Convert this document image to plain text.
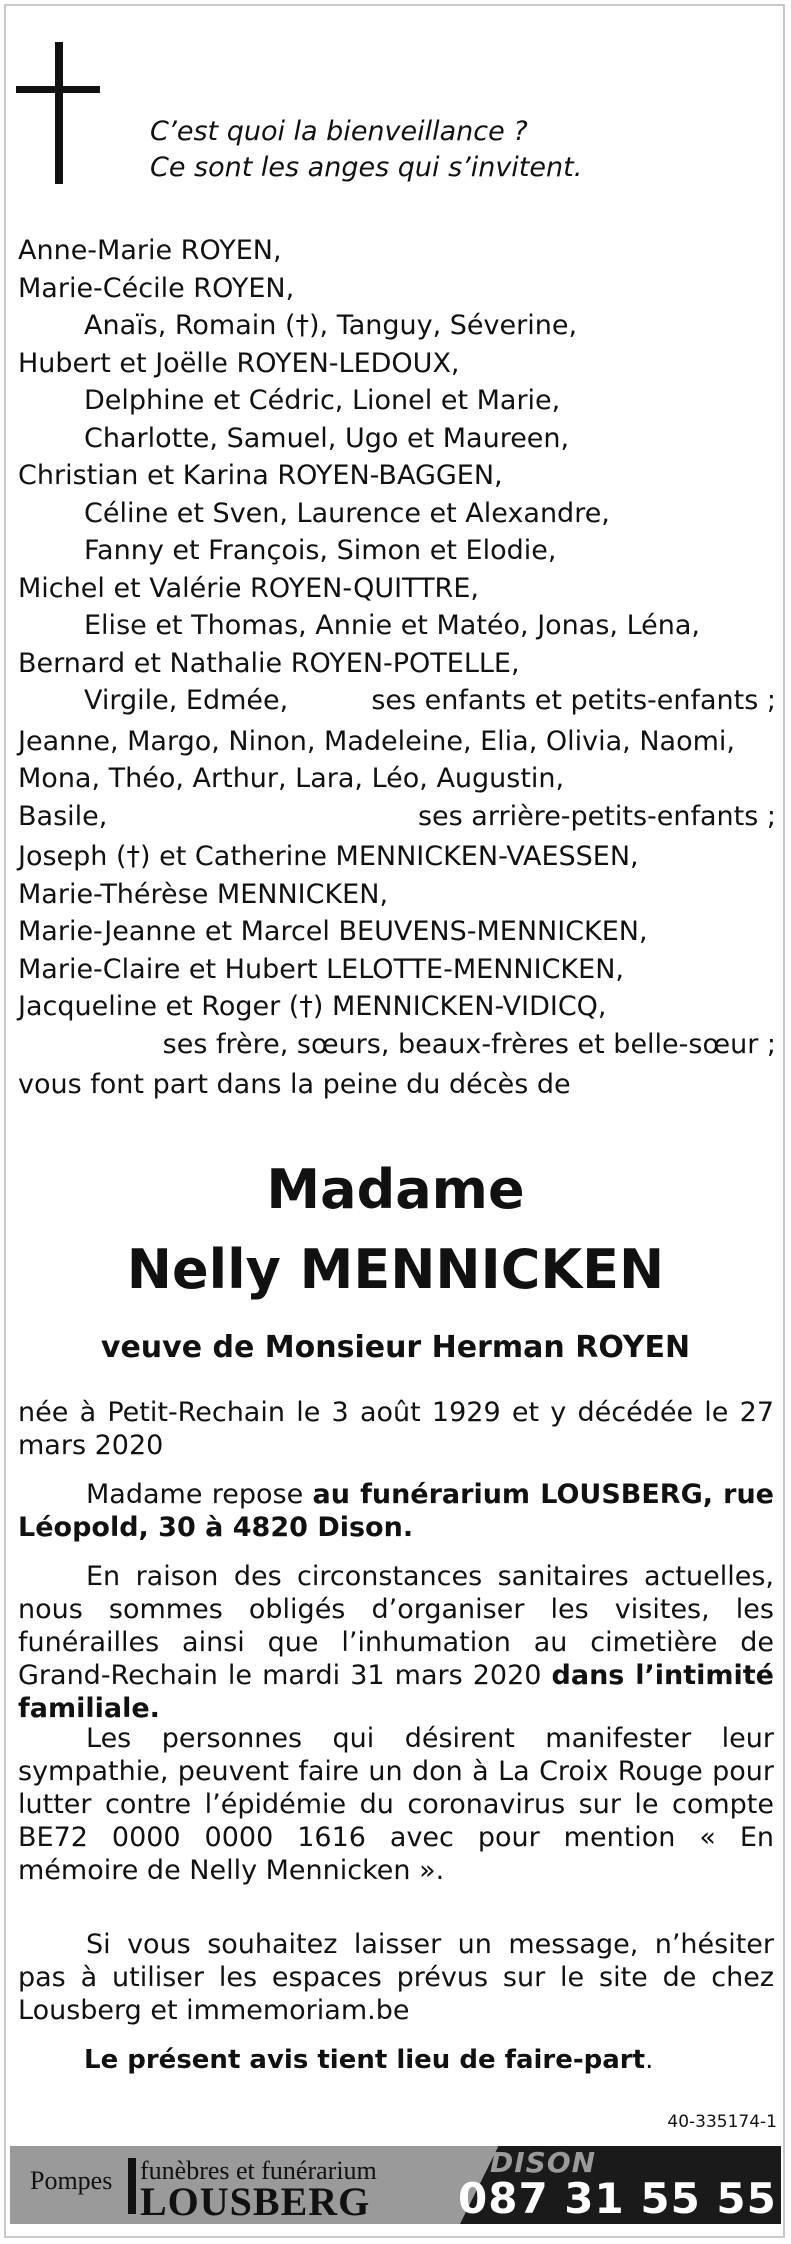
C’est quoi la bienveillance ?
Ce sont les anges qui s’invitent.
Anne-Marie ROYEN,
Marie-Cécile ROYEN,
Anaïs, Romain (†), Tanguy, Séverine,
Hubert et Joëlle ROYEN-LEDOUX,
Delphine et Cédric, Lionel et Marie,
Charlotte, Samuel, Ugo et Maureen,
Christian et Karina ROYEN-BAGGEN,
Céline et Sven, Laurence et Alexandre,
Fanny et François, Simon et Elodie,
Michel et Valérie ROYEN-QUITTRE,
Elise et Thomas, Annie et Matéo, Jonas, Léna,
Bernard et Nathalie ROYEN-POTELLE,
Virgile, Edmée,	ses enfants et petits-enfants ;
Jeanne, Margo, Ninon, Madeleine, Elia, Olivia, Naomi,
Mona, Théo, Arthur, Lara, Léo, Augustin,
Basile,	ses arrière-petits-enfants ;
Joseph (†) et Catherine MENNICKEN-VAESSEN,
Marie-Thérèse MENNICKEN,
Marie-Jeanne et Marcel BEUVENS-MENNICKEN,
Marie-Claire et Hubert LELOTTE-MENNICKEN,
Jacqueline et Roger (†) MENNICKEN-VIDICQ,
ses frère, sœurs, beaux-frères et belle-sœur ;
vous font part dans la peine du décès de
Madame
Nelly MENNICKEN
veuve de Monsieur Herman ROYEN
née à Petit-Rechain le 3 août 1929 et y décédée le 27 mars 2020
Madame repose au funérarium LOUSBERG, rue Léopold, 30 à 4820 Dison.
En raison des circonstances sanitaires actuelles, nous sommes obligés d’organiser les visites, les funérailles ainsi que l’inhumation au cimetière de Grand-Rechain le mardi 31 mars 2020 dans l’intimité familiale.
Les personnes qui désirent manifester leur sympathie, peuvent faire un don à La Croix Rouge pour lutter contre l’épidémie du coronavirus sur le compte BE72 0000 0000 1616 avec pour mention « En mémoire de Nelly Mennicken ».
Si vous souhaitez laisser un message, n’hésiter pas à utiliser les espaces prévus sur le site de chez Lousberg et immemoriam.be
Le présent avis tient lieu de faire-part.
40-335174-1
Pompes funèbres et funérarium
LOUSBERG
DISON
087 31 55 55
